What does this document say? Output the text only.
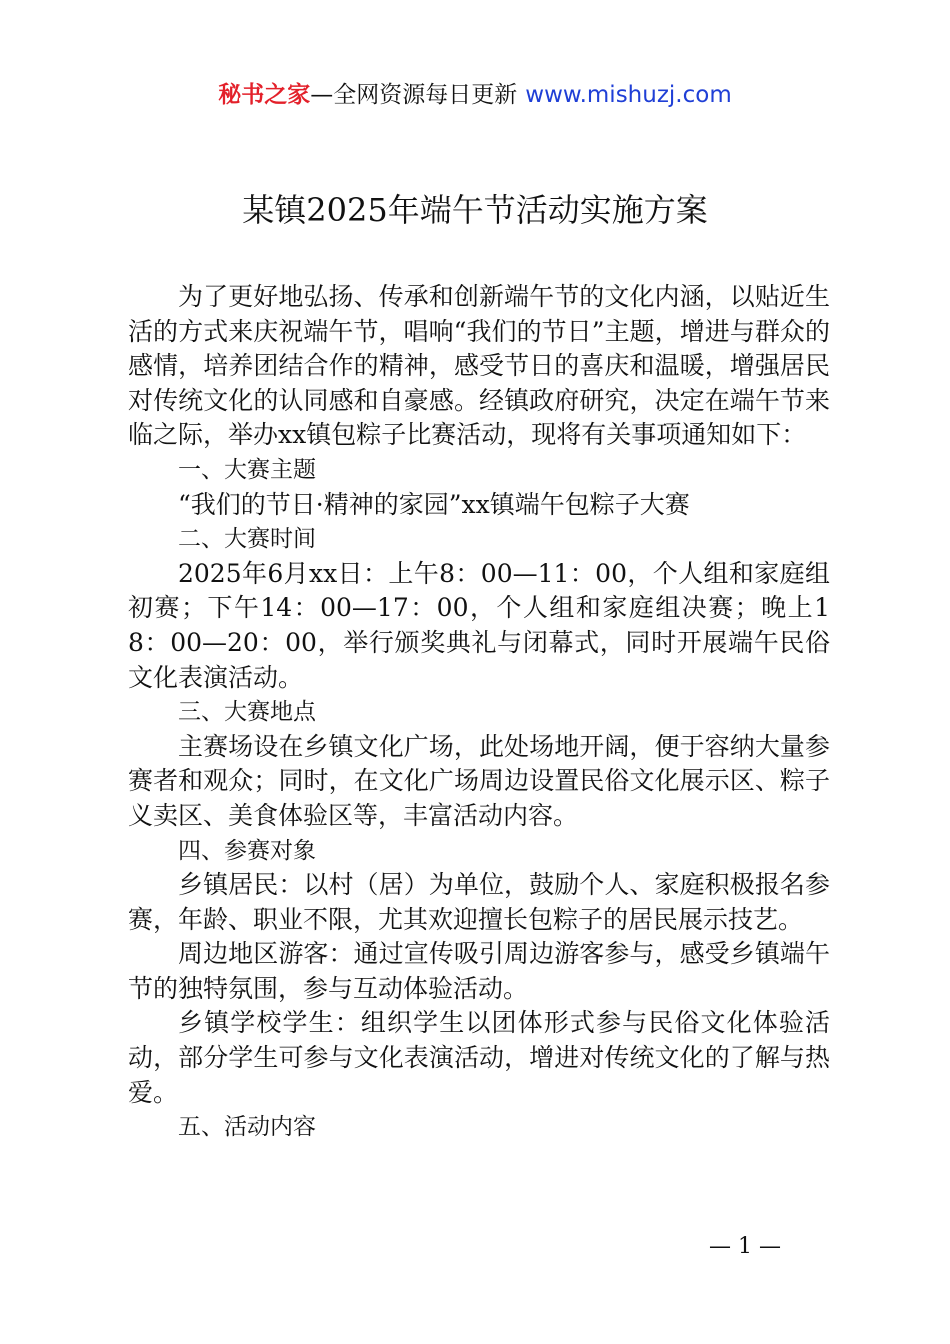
秘书之家—全网资源每日更新 www.mishuzj.com
某镇2025年端午节活动实施方案

为了更好地弘扬、传承和创新端午节的文化内涵，以贴近生活的方式来庆祝端午节，唱响“我们的节日”主题，增进与群众的感情，培养团结合作的精神，感受节日的喜庆和温暖，增强居民对传统文化的认同感和自豪感。经镇政府研究，决定在端午节来临之际，举办xx镇包粽子比赛活动，现将有关事项通知如下：

一、大赛主题

“我们的节日·精神的家园”xx镇端午包粽子大赛

二、大赛时间

2025年6月xx日：上午8：00—11：00，个人组和家庭组初赛；下午14：00—17：00，个人组和家庭组决赛；晚上18：00—20：00，举行颁奖典礼与闭幕式，同时开展端午民俗文化表演活动。

三、大赛地点

主赛场设在乡镇文化广场，此处场地开阔，便于容纳大量参赛者和观众；同时，在文化广场周边设置民俗文化展示区、粽子义卖区、美食体验区等，丰富活动内容。

四、参赛对象

乡镇居民：以村（居）为单位，鼓励个人、家庭积极报名参赛，年龄、职业不限，尤其欢迎擅长包粽子的居民展示技艺。

周边地区游客：通过宣传吸引周边游客参与，感受乡镇端午节的独特氛围，参与互动体验活动。

乡镇学校学生：组织学生以团体形式参与民俗文化体验活动，部分学生可参与文化表演活动，增进对传统文化的了解与热爱。

五、活动内容

— 1 —
